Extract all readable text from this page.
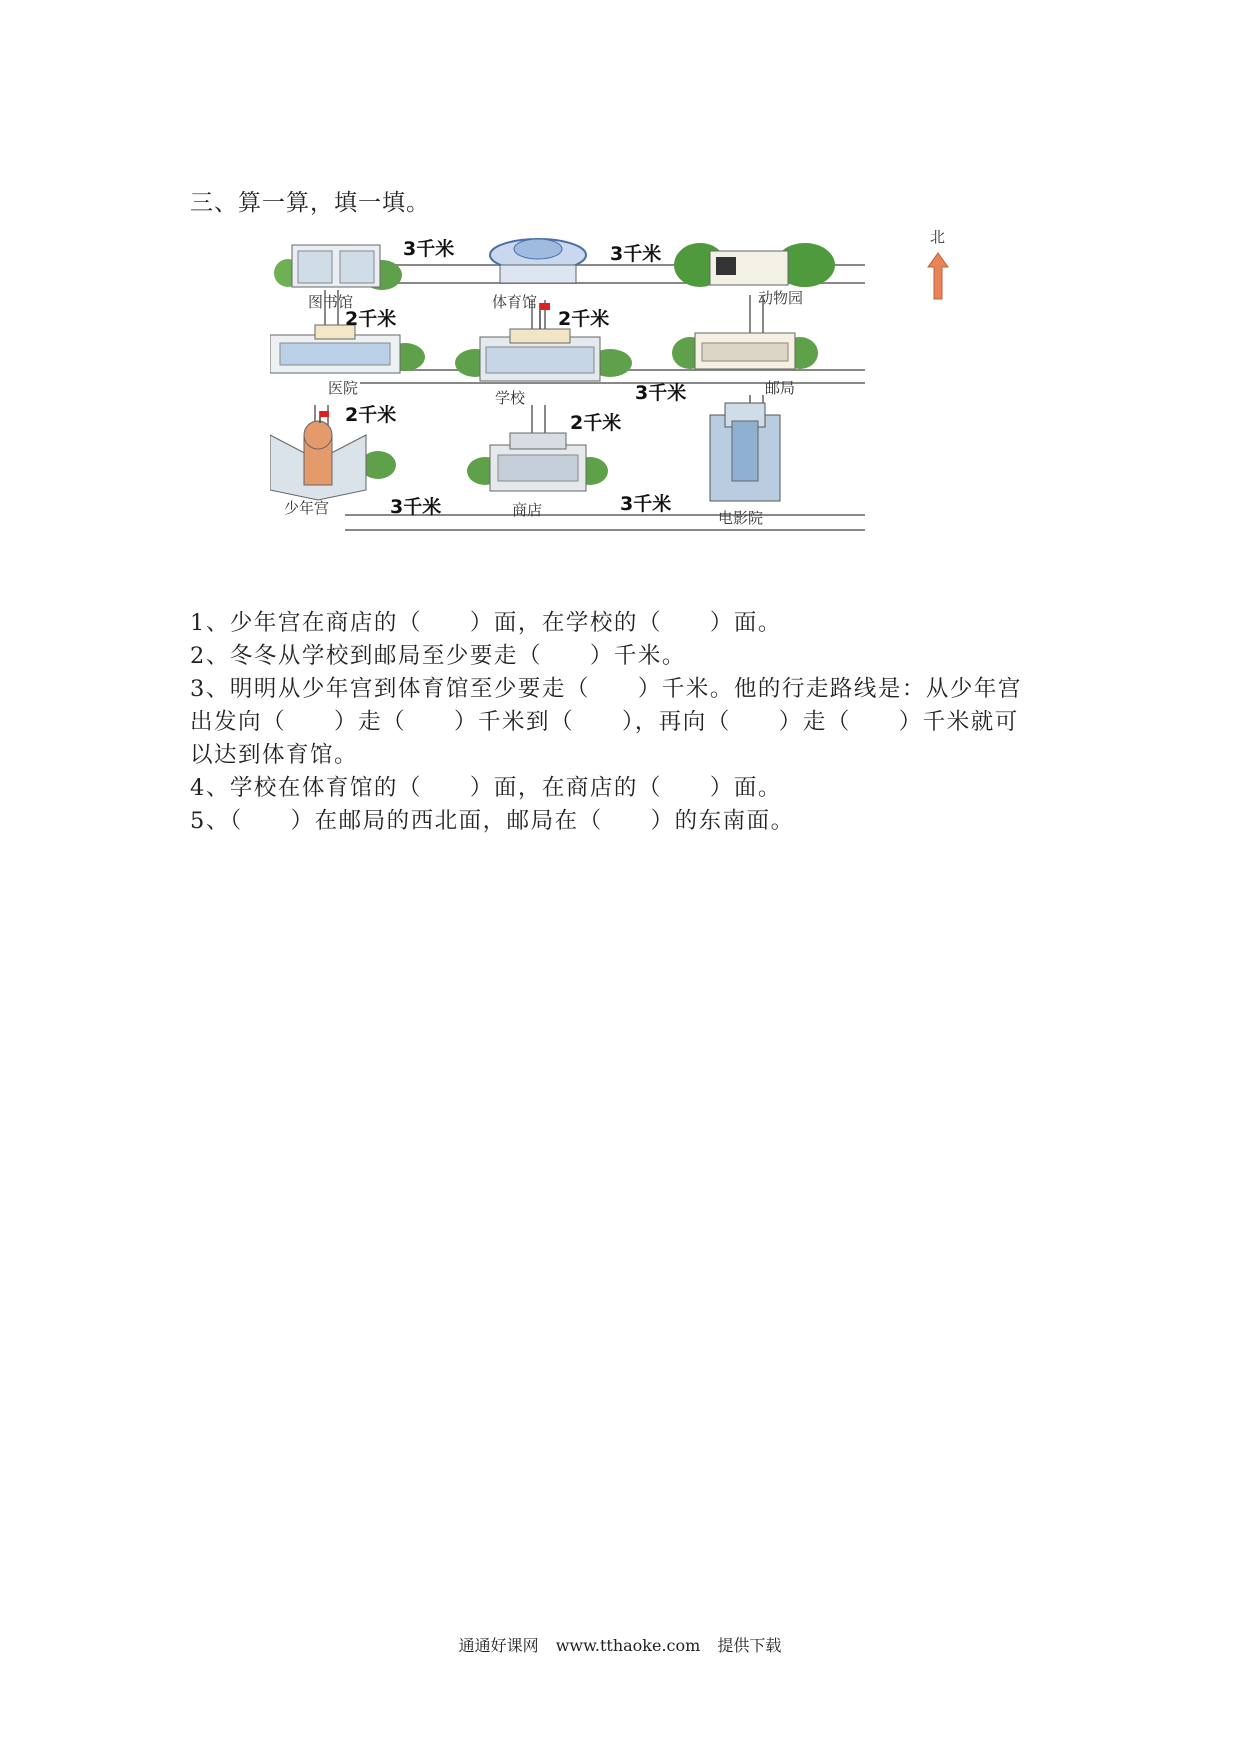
三、算一算，填一填。
图书馆	体育馆	动物园
医院
学校
邮局
少年宫	商店	电影院
3千米	3千米
2千米	2千米
3千米
2千米	2千米
3千米	3千米
北
1、少年宫在商店的（　　）面，在学校的（　　）面。
2、冬冬从学校到邮局至少要走（　　）千米。
3、明明从少年宫到体育馆至少要走（　　）千米。他的行走路线是：从少年宫
出发向（　　）走（　　）千米到（　　），再向（　　）走（　　）千米就可
以达到体育馆。
4、学校在体育馆的（　　）面，在商店的（　　）面。
5、（　　）在邮局的西北面，邮局在（　　）的东南面。
通通好课网 www.tthaoke.com 提供下载
